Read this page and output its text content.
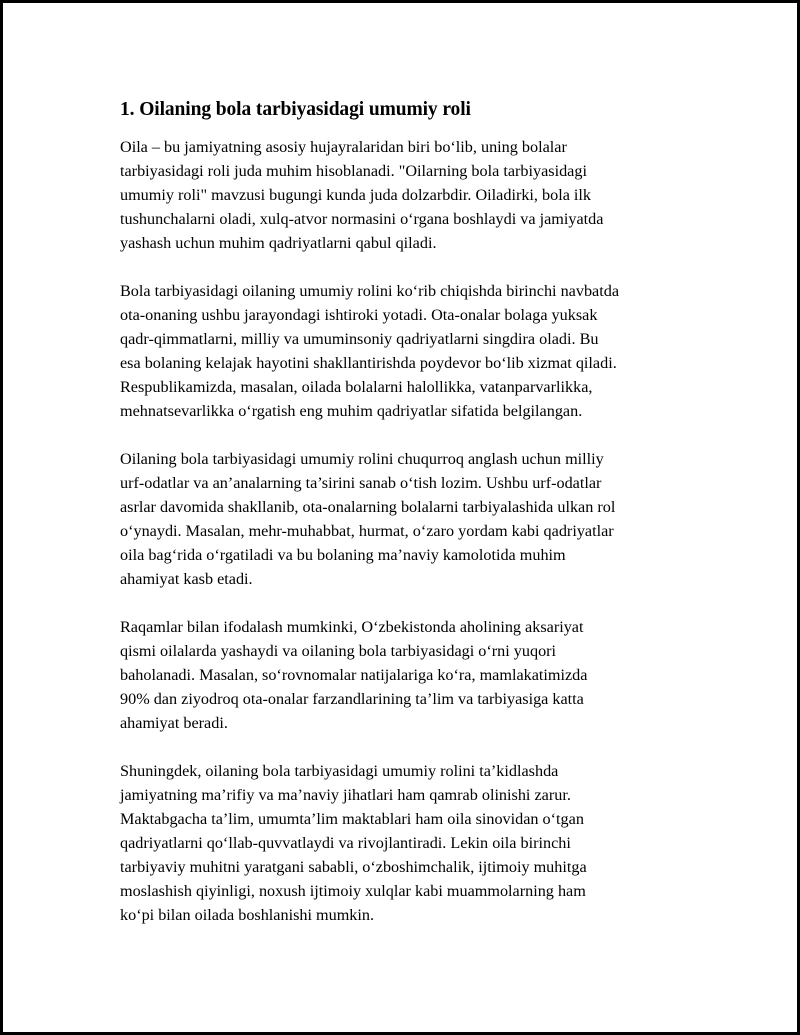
1. Oilaning bola tarbiyasidagi umumiy roli

Oila – bu jamiyatning asosiy hujayralaridan biri bo‘lib, uning bolalar
tarbiyasidagi roli juda muhim hisoblanadi. "Oilarning bola tarbiyasidagi
umumiy roli" mavzusi bugungi kunda juda dolzarbdir. Oiladirki, bola ilk
tushunchalarni oladi, xulq-atvor normasini o‘rgana boshlaydi va jamiyatda
yashash uchun muhim qadriyatlarni qabul qiladi.

Bola tarbiyasidagi oilaning umumiy rolini ko‘rib chiqishda birinchi navbatda
ota-onaning ushbu jarayondagi ishtiroki yotadi. Ota-onalar bolaga yuksak
qadr-qimmatlarni, milliy va umuminsoniy qadriyatlarni singdira oladi. Bu
esa bolaning kelajak hayotini shakllantirishda poydevor bo‘lib xizmat qiladi.
Respublikamizda, masalan, oilada bolalarni halollikka, vatanparvarlikka,
mehnatsevarlikka o‘rgatish eng muhim qadriyatlar sifatida belgilangan.

Oilaning bola tarbiyasidagi umumiy rolini chuqurroq anglash uchun milliy
urf-odatlar va an’analarning ta’sirini sanab o‘tish lozim. Ushbu urf-odatlar
asrlar davomida shakllanib, ota-onalarning bolalarni tarbiyalashida ulkan rol
o‘ynaydi. Masalan, mehr-muhabbat, hurmat, o‘zaro yordam kabi qadriyatlar
oila bag‘rida o‘rgatiladi va bu bolaning ma’naviy kamolotida muhim
ahamiyat kasb etadi.

Raqamlar bilan ifodalash mumkinki, O‘zbekistonda aholining aksariyat
qismi oilalarda yashaydi va oilaning bola tarbiyasidagi o‘rni yuqori
baholanadi. Masalan, so‘rovnomalar natijalariga ko‘ra, mamlakatimizda
90% dan ziyodroq ota-onalar farzandlarining ta’lim va tarbiyasiga katta
ahamiyat beradi.

Shuningdek, oilaning bola tarbiyasidagi umumiy rolini ta’kidlashda
jamiyatning ma’rifiy va ma’naviy jihatlari ham qamrab olinishi zarur.
Maktabgacha ta’lim, umumta’lim maktablari ham oila sinovidan o‘tgan
qadriyatlarni qo‘llab-quvvatlaydi va rivojlantiradi. Lekin oila birinchi
tarbiyaviy muhitni yaratgani sababli, o‘zboshimchalik, ijtimoiy muhitga
moslashish qiyinligi, noxush ijtimoiy xulqlar kabi muammolarning ham
ko‘pi bilan oilada boshlanishi mumkin.
